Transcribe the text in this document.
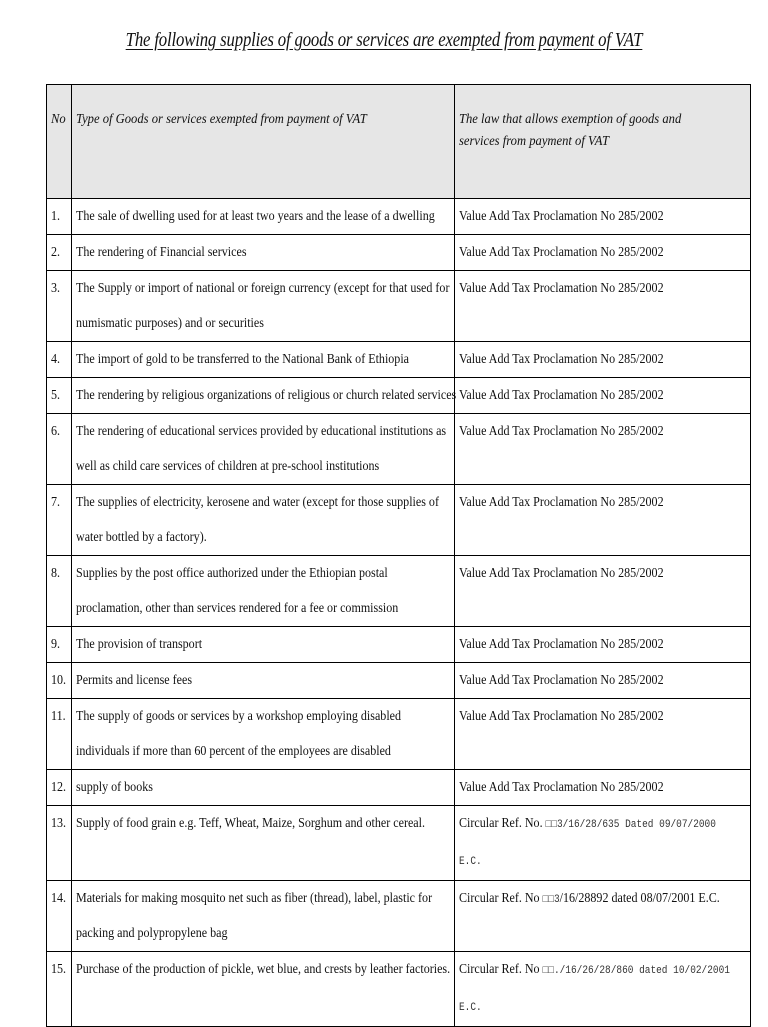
The following supplies of goods or services are exempted from payment of VAT
No	Type of Goods or services exempted from payment of VAT	The law that allows exemption of goods and services from payment of VAT

1.	The sale of dwelling used for at least two years and the lease of a dwelling	Value Add Tax Proclamation No 285/2002

2.	The rendering of Financial services	Value Add Tax Proclamation No 285/2002

3.	The Supply or import of national or foreign currency (except for that used for numismatic purposes) and or securities	Value Add Tax Proclamation No 285/2002

4.	The import of gold to be transferred to the National Bank of Ethiopia	Value Add Tax Proclamation No 285/2002

5.	The rendering by religious organizations of religious or church related services	Value Add Tax Proclamation No 285/2002

6.	The rendering of educational services provided by educational institutions as well as child care services of children at pre-school institutions	Value Add Tax Proclamation No 285/2002

7.	The supplies of electricity, kerosene and water (except for those supplies of water bottled by a factory).	Value Add Tax Proclamation No 285/2002

8.	Supplies by the post office authorized under the Ethiopian postal proclamation, other than services rendered for a fee or commission	Value Add Tax Proclamation No 285/2002

9.	The provision of transport	Value Add Tax Proclamation No 285/2002

10.	Permits and license fees	Value Add Tax Proclamation No 285/2002

11.	The supply of goods or services by a workshop employing disabled individuals if more than 60 percent of the employees are disabled	Value Add Tax Proclamation No 285/2002

12.	supply of books	Value Add Tax Proclamation No 285/2002

13.	Supply of food grain e.g. Teff, Wheat, Maize, Sorghum and other cereal.	Circular Ref. No. □□3/16/28/635 Dated 09/07/2000 E.C.

14.	Materials for making mosquito net such as fiber (thread), label, plastic for packing and polypropylene bag	Circular Ref. No □□3/16/28892 dated 08/07/2001 E.C.

15.	Purchase of the production of pickle, wet blue, and crests by leather factories.	Circular Ref. No □□./16/26/28/860 dated 10/02/2001 E.C.
